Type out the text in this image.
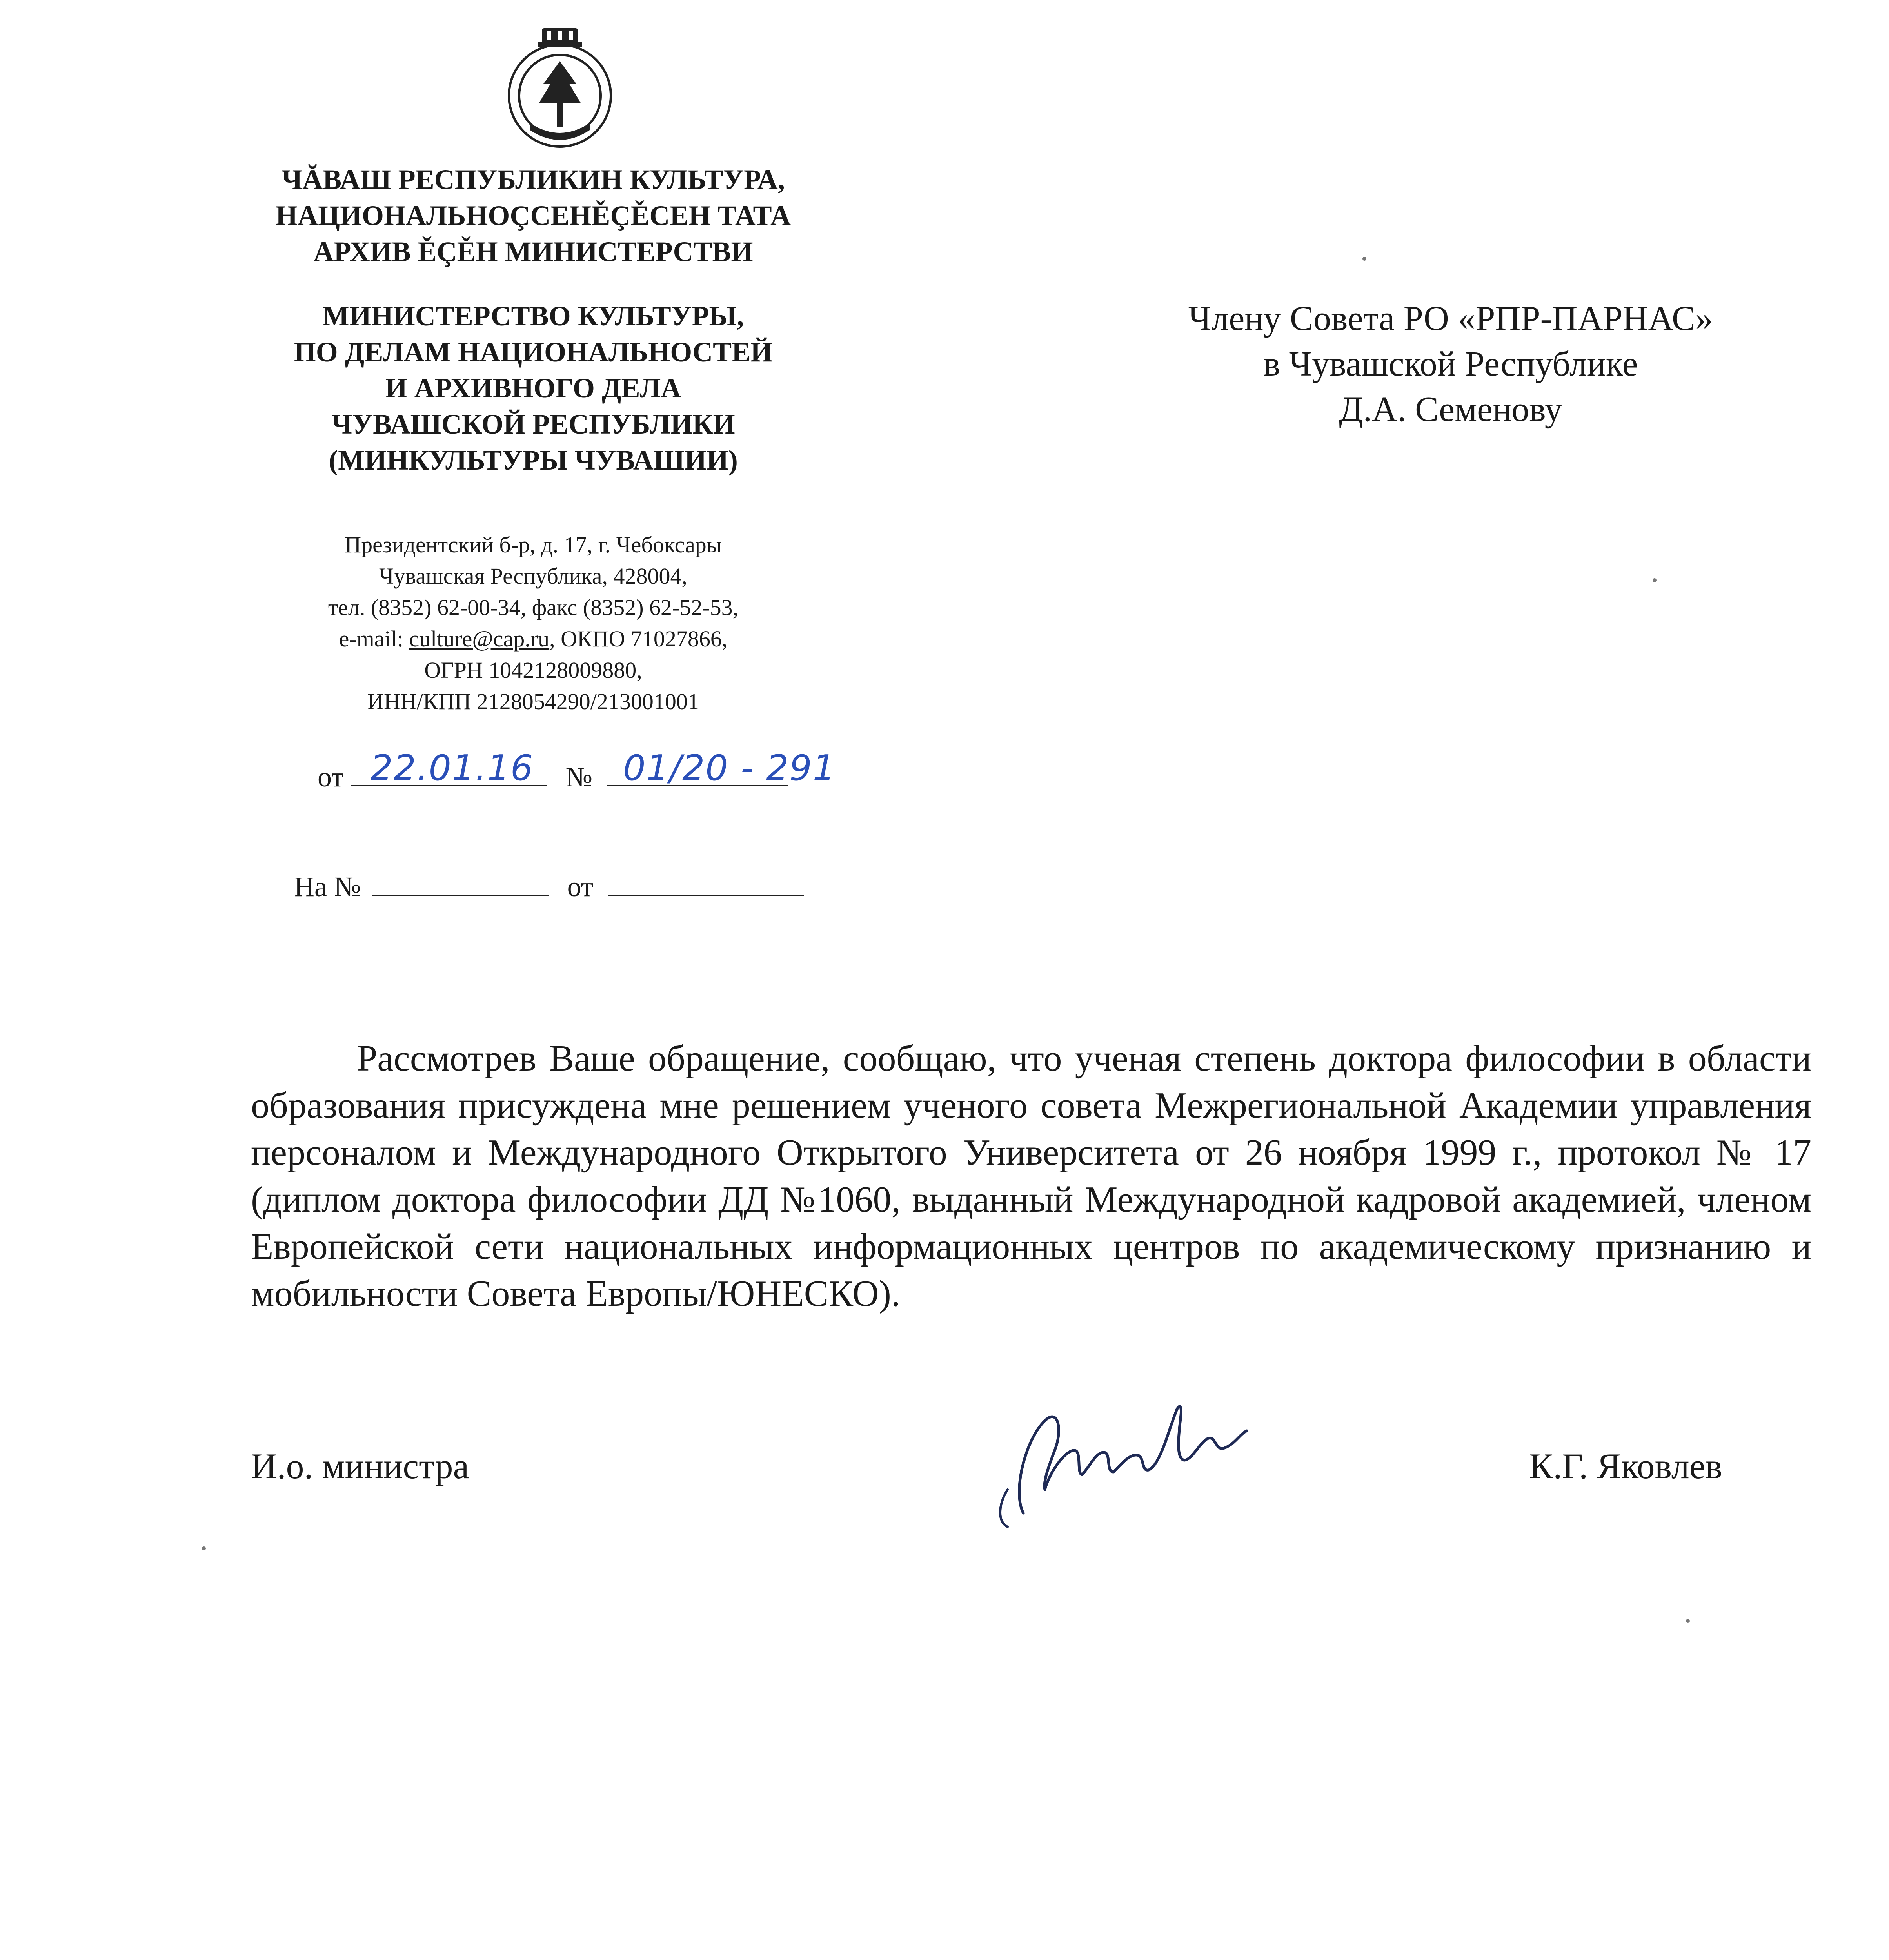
ЧĂВАШ РЕСПУБЛИКИН КУЛЬТУРА,
НАЦИОНАЛЬНОÇСЕНĚÇĚСЕН ТАТА
АРХИВ ĚÇĚН МИНИСТЕРСТВИ
МИНИСТЕРСТВО КУЛЬТУРЫ,
ПО ДЕЛАМ НАЦИОНАЛЬНОСТЕЙ
И АРХИВНОГО ДЕЛА
ЧУВАШСКОЙ РЕСПУБЛИКИ
(МИНКУЛЬТУРЫ ЧУВАШИИ)
Президентский б-р, д. 17, г. Чебоксары
Чувашская Республика, 428004,
тел. (8352) 62-00-34, факс (8352) 62-52-53,
e-mail: culture@cap.ru, ОКПО 71027866,
ОГРН 1042128009880,
ИНН/КПП 2128054290/213001001
от 22.01.16 № 01/20 - 291
На №	от
Члену Совета РО «РПР-ПАРНАС»
в Чувашской Республике
Д.А. Семенову
Рассмотрев Ваше обращение, сообщаю, что ученая степень доктора философии в области образования присуждена мне решением ученого совета Межрегиональной Академии управления персоналом и Международного Открытого Университета от 26 ноября 1999 г., протокол № 17 (диплом доктора философии ДД №1060, выданный Международной кадровой академией, членом Европейской сети национальных информационных центров по академическому признанию и мобильности Совета Европы/ЮНЕСКО).
И.о. министра	К.Г. Яковлев
